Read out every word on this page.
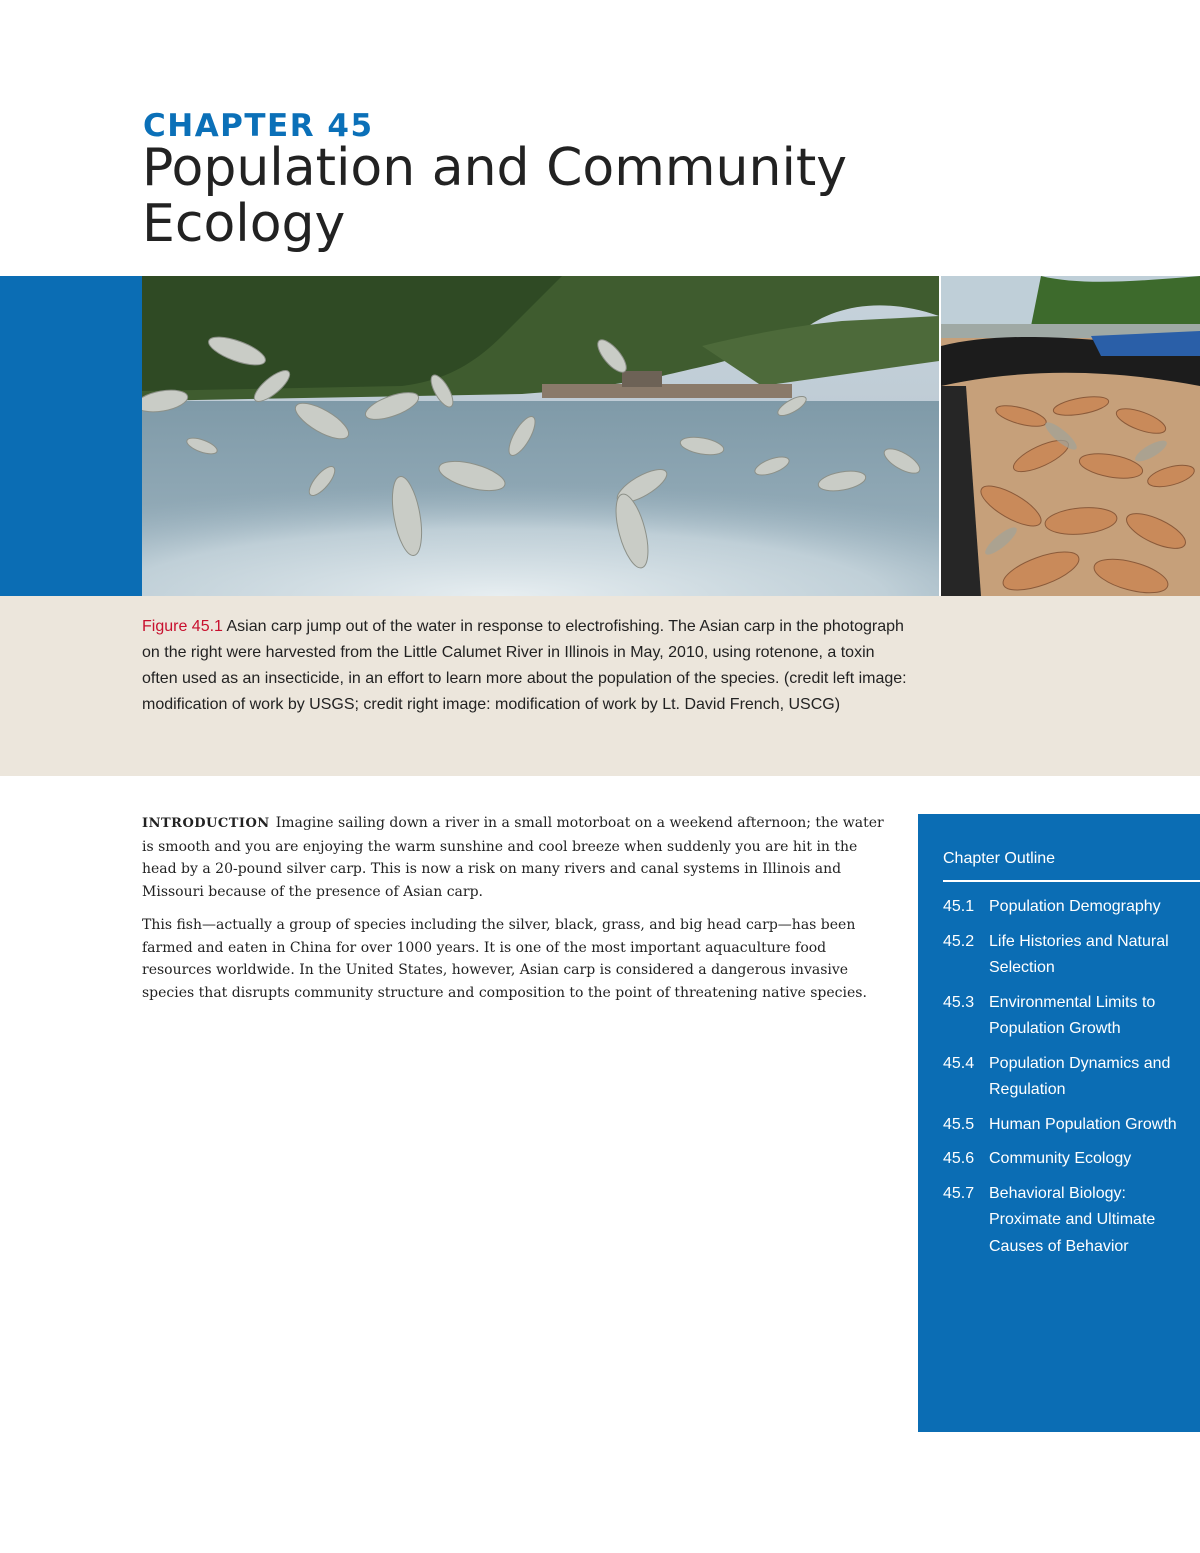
CHAPTER 45
Population and Community Ecology
Figure 45.1 Asian carp jump out of the water in response to electrofishing. The Asian carp in the photograph on the right were harvested from the Little Calumet River in Illinois in May, 2010, using rotenone, a toxin often used as an insecticide, in an effort to learn more about the population of the species. (credit left image: modification of work by USGS; credit right image: modification of work by Lt. David French, USCG)

INTRODUCTION Imagine sailing down a river in a small motorboat on a weekend afternoon; the water is smooth and you are enjoying the warm sunshine and cool breeze when suddenly you are hit in the head by a 20-pound silver carp. This is now a risk on many rivers and canal systems in Illinois and Missouri because of the presence of Asian carp.

This fish—actually a group of species including the silver, black, grass, and big head carp—has been farmed and eaten in China for over 1000 years. It is one of the most important aquaculture food resources worldwide. In the United States, however, Asian carp is considered a dangerous invasive species that disrupts community structure and composition to the point of threatening native species.

Chapter Outline
45.1 Population Demography
45.2 Life Histories and Natural Selection
45.3 Environmental Limits to Population Growth
45.4 Population Dynamics and Regulation
45.5 Human Population Growth
45.6 Community Ecology
45.7 Behavioral Biology: Proximate and Ultimate Causes of Behavior
